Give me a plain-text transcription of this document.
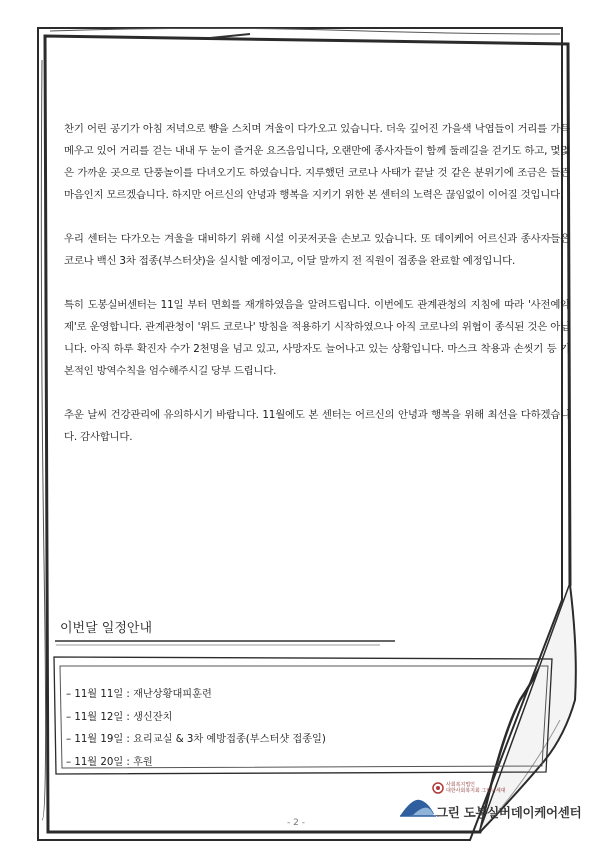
찬기 어린 공기가 아침 저녁으로 뺨을 스치며 겨울이 다가오고 있습니다. 더욱 깊어진 가을색 낙엽들이 거리를 가득 메우고 있어 거리를 걷는 내내 두 눈이 즐거운 요즈음입니다, 오랜만에 종사자들이 함께 둘레길을 걷기도 하고, 몇몇은 가까운 곳으로 단풍놀이를 다녀오기도 하였습니다. 지루했던 코로나 사태가 끝날 것 같은 분위기에 조금은 들뜬 마음인지 모르겠습니다. 하지만 어르신의 안녕과 행복을 지키기 위한 본 센터의 노력은 끊임없이 이어질 것입니다.

우리 센터는 다가오는 겨울을 대비하기 위해 시설 이곳저곳을 손보고 있습니다. 또 데이케어 어르신과 종사자들은 코로나 백신 3차 접종(부스터샷)을 실시할 예정이고, 이달 말까지 전 직원이 접종을 완료할 예정입니다.

특히 도봉실버센터는 11일 부터 면회를 재개하였음을 알려드립니다. 이번에도 관계관청의 지침에 따라 '사전예약제'로 운영합니다. 관계관청이 '위드 코로나' 방침을 적용하기 시작하였으나 아직 코로나의 위협이 종식된 것은 아닙니다. 아직 하루 확진자 수가 2천명을 넘고 있고, 사망자도 늘어나고 있는 상황입니다. 마스크 착용과 손씻기 등 기본적인 방역수칙을 엄수해주시길 당부 드립니다.

추운 날씨 건강관리에 유의하시기 바랍니다. 11월에도 본 센터는 어르신의 안녕과 행복을 위해 최선을 다하겠습니다. 감사합니다.

이번달 일정안내
– 11월 11일 : 재난상황대피훈련
– 11월 12일 : 생신잔치
– 11월 19일 : 요리교실 & 3차 예방접종(부스터샷 접종일)
– 11월 20일 : 후원
사회복지법인
대한사회복지회 그린너세대
그린 도봉실버데이케어센터
- 2 -
